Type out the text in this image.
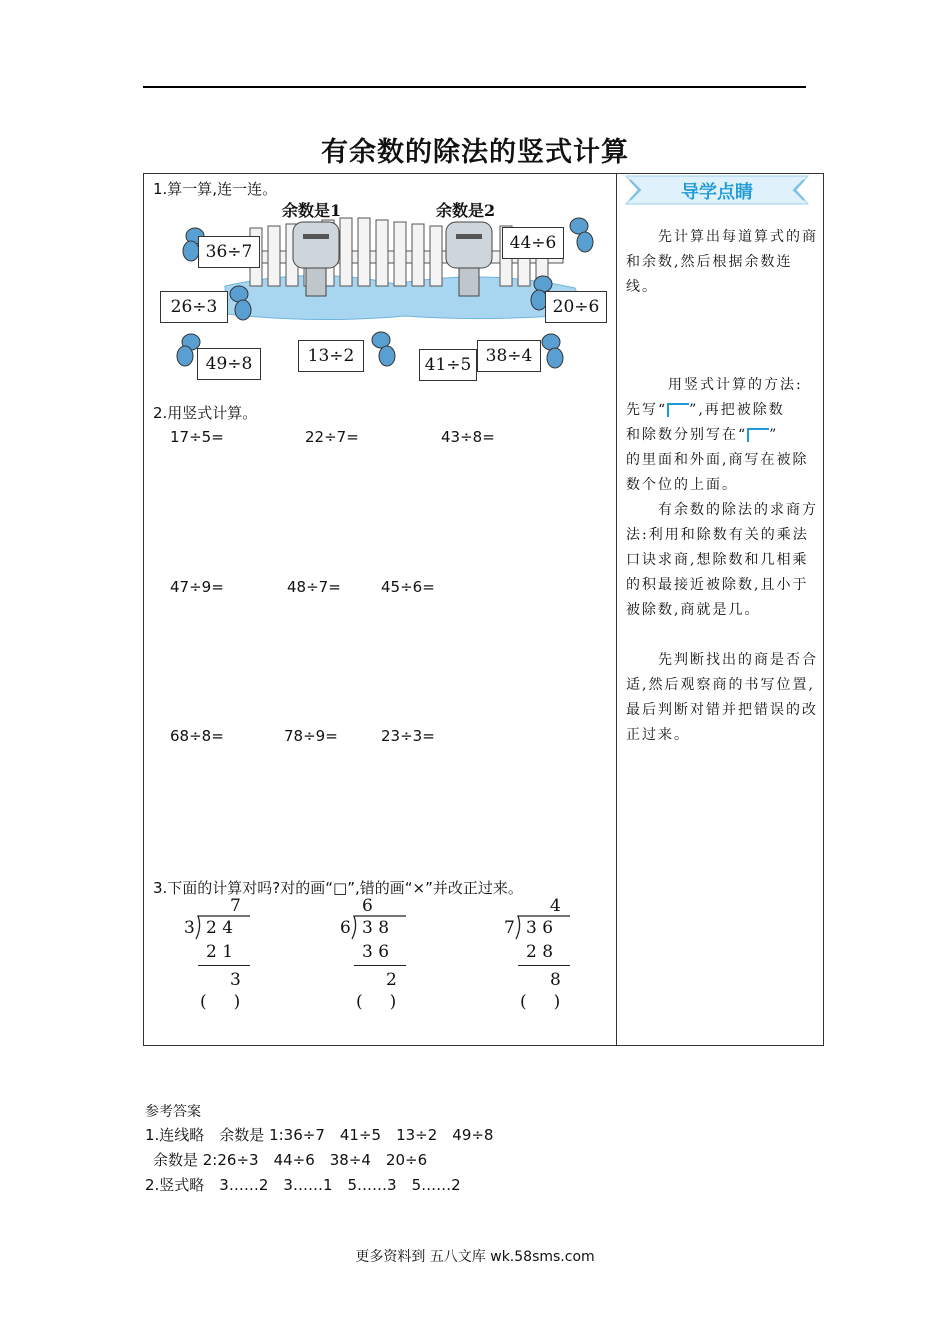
有余数的除法的竖式计算
1.算一算,连一连。
余数是1	余数是2
36÷7	44÷6
26÷3	20÷6
49÷8	13÷2	41÷5 38÷4
2.用竖式计算。
17÷5=	22÷7=	43÷8=
47÷9=	48÷7=	45÷6=
68÷8=	78÷9=	23÷3=
3.下面的计算对吗?对的画“□”,错的画“×”并改正过来。
7
3 2 4
2 1
3
(     )
6
6 3 8
3 6
2
(     )
4
7 3 6
2 8
8
(     )
导学点睛
先计算出每道算式的商和余数,然后根据余数连线。
用竖式计算的方法:
先写“ ”,再把被除数
和除数分别写在“ ”
的里面和外面,商写在被除
数个位的上面。
有余数的除法的求商方法:利用和除数有关的乘法口诀求商,想除数和几相乘的积最接近被除数,且小于被除数,商就是几。
先判断找出的商是否合适,然后观察商的书写位置,最后判断对错并把错误的改正过来。
参考答案
1.连线略　余数是 1:36÷7　41÷5　13÷2　49÷8
余数是 2:26÷3　44÷6　38÷4　20÷6
2.竖式略　3……2　3……1　5……3　5……2
更多资料到 五八文库 wk.58sms.com
